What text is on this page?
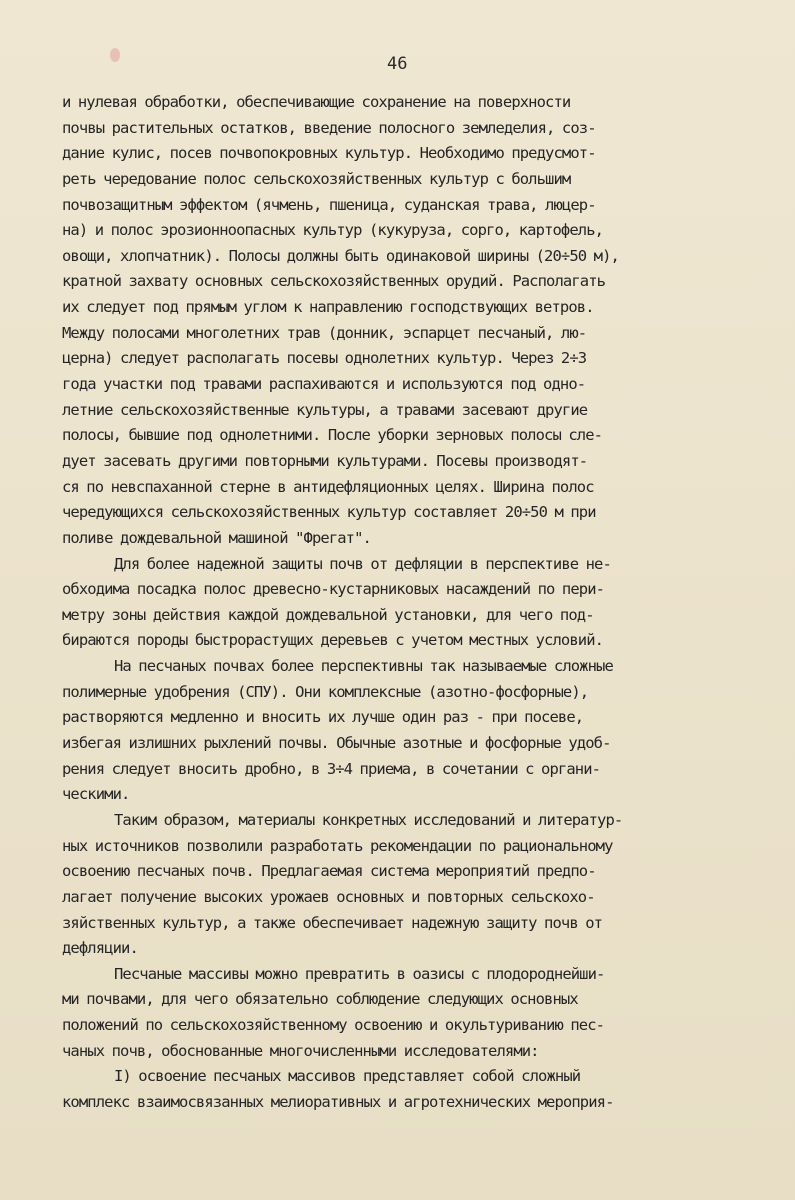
46
и нулевая обработки, обеспечивающие сохранение на поверхности
почвы растительных остатков, введение полосного земледелия, соз-
дание кулис, посев почвопокровных культур. Необходимо предусмот-
реть чередование полос сельскохозяйственных культур с большим
почвозащитным эффектом (ячмень, пшеница, суданская трава, люцер-
на) и полос эрозионноопасных культур (кукуруза, сорго, картофель,
овощи, хлопчатник). Полосы должны быть одинаковой ширины (20÷50 м),
кратной захвату основных сельскохозяйственных орудий. Располагать
их следует под прямым углом к направлению господствующих ветров.
Между полосами многолетних трав (донник, эспарцет песчаный, лю-
церна) следует располагать посевы однолетних культур. Через 2÷3
года участки под травами распахиваются и используются под одно-
летние сельскохозяйственные культуры, а травами засевают другие
полосы, бывшие под однолетними. После уборки зерновых полосы сле-
дует засевать другими повторными культурами. Посевы производят-
ся по невспаханной стерне в антидефляционных целях. Ширина полос
чередующихся сельскохозяйственных культур составляет 20÷50 м при
поливе дождевальной машиной "Фрегат".
Для более надежной защиты почв от дефляции в перспективе не-
обходима посадка полос древесно-кустарниковых насаждений по пери-
метру зоны действия каждой дождевальной установки, для чего под-
бираются породы быстрорастущих деревьев с учетом местных условий.
На песчаных почвах более перспективны так называемые сложные
полимерные удобрения (СПУ). Они комплексные (азотно-фосфорные),
растворяются медленно и вносить их лучше один раз - при посеве,
избегая излишних рыхлений почвы. Обычные азотные и фосфорные удоб-
рения следует вносить дробно, в 3÷4 приема, в сочетании с органи-
ческими.
Таким образом, материалы конкретных исследований и литератур-
ных источников позволили разработать рекомендации по рациональному
освоению песчаных почв. Предлагаемая система мероприятий предпо-
лагает получение высоких урожаев основных и повторных сельскохо-
зяйственных культур, а также обеспечивает надежную защиту почв от
дефляции.
Песчаные массивы можно превратить в оазисы с плодороднейши-
ми почвами, для чего обязательно соблюдение следующих основных
положений по сельскохозяйственному освоению и окультуриванию пес-
чаных почв, обоснованные многочисленными исследователями:
I) освоение песчаных массивов представляет собой сложный
комплекс взаимосвязанных мелиоративных и агротехнических мероприя-
